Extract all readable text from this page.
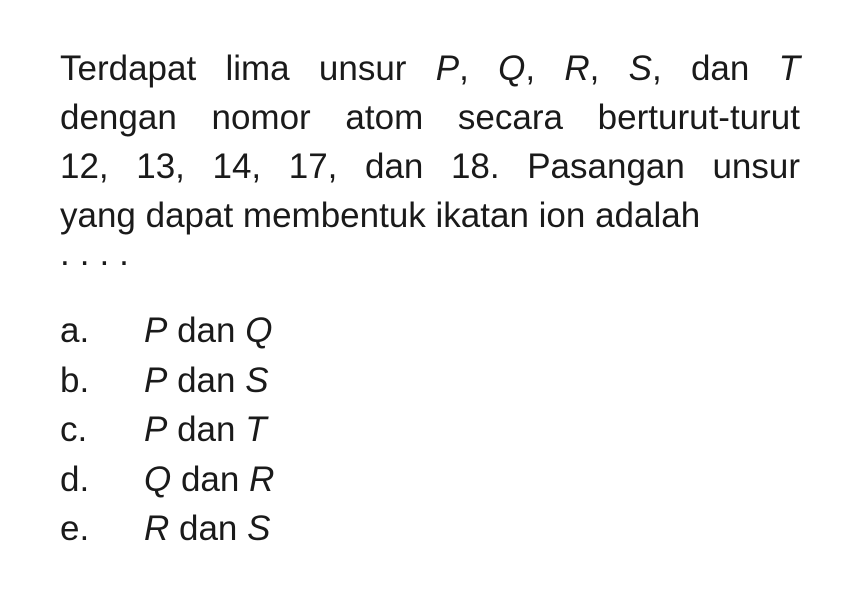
Terdapat lima unsur P, Q, R, S, dan T
dengan nomor atom secara berturut-turut
12, 13, 14, 17, dan 18. Pasangan unsur
yang dapat membentuk ikatan ion adalah
....
a.	P dan Q
b.	P dan S
c.	P dan T
d.	Q dan R
e.	R dan S
